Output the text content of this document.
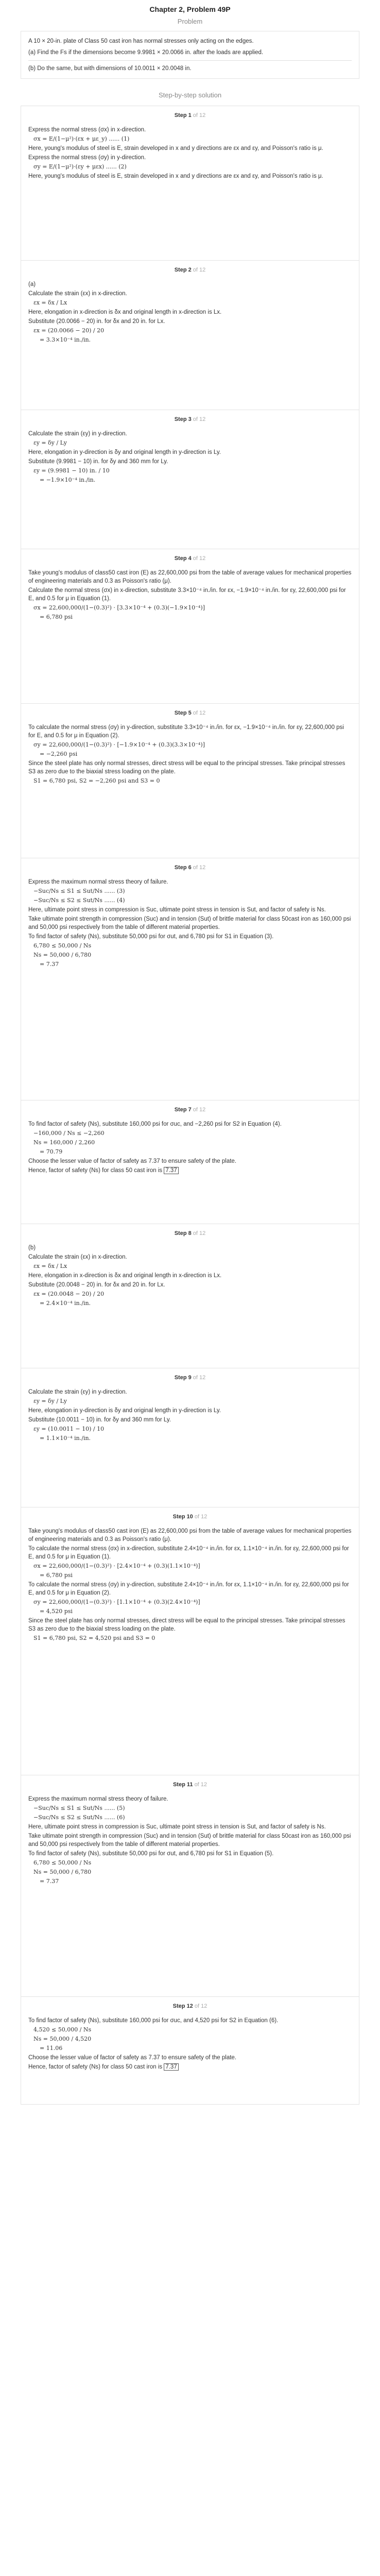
Chapter 2, Problem 49P
Problem
A 10 × 20-in. plate of Class 50 cast iron has normal stresses only acting on the edges.
(a) Find the Fs if the dimensions become 9.9981 × 20.0066 in. after the loads are applied.
(b) Do the same, but with dimensions of 10.0011 × 20.0048 in.
Step-by-step solution
Step 1 of 12
Express the normal stress (σx) in x-direction.
σx = E/(1−μ²)·(εx + με_y) ...... (1)
Here, young's modulus of steel is E, strain developed in x and y directions are εx and εy, and Poisson's ratio is μ.
Express the normal stress (σy) in y-direction.
σy = E/(1−μ²)·(εy + μεx) ...... (2)
Here, young's modulus of steel is E, strain developed in x and y directions are εx and εy, and Poisson's ratio is μ.
Step 2 of 12
(a)
Calculate the strain (εx) in x-direction.
εx = δx / Lx
Here, elongation in x-direction is δx and original length in x-direction is Lx.
Substitute (20.0066 − 20) in. for δx and 20 in. for Lx.
εx = (20.0066 − 20) / 20
= 3.3×10⁻⁴ in./in.
Step 3 of 12
Calculate the strain (εy) in y-direction.
εy = δy / Ly
Here, elongation in y-direction is δy and original length in y-direction is Ly.
Substitute (9.9981 − 10) in. for δy and 360 mm for Ly.
εy = (9.9981 − 10) in. / 10
= −1.9×10⁻⁴ in./in.
Step 4 of 12
Take young's modulus of class50 cast iron (E) as 22,600,000 psi from the table of average values for mechanical properties of engineering materials and 0.3 as Poisson's ratio (μ).
Calculate the normal stress (σx) in x-direction, substitute 3.3×10⁻⁴ in./in. for εx, −1.9×10⁻⁴ in./in. for εy, 22,600,000 psi for E, and 0.5 for μ in Equation (1).
σx = 22,600,000/(1−(0.3)²) · [3.3×10⁻⁴ + (0.3)(−1.9×10⁻⁴)]
= 6,780 psi
Step 5 of 12
To calculate the normal stress (σy) in y-direction, substitute 3.3×10⁻⁴ in./in. for εx, −1.9×10⁻⁴ in./in. for εy, 22,600,000 psi for E, and 0.5 for μ in Equation (2).
σy = 22,600,000/(1−(0.3)²) · [−1.9×10⁻⁴ + (0.3)(3.3×10⁻⁴)]
= −2,260 psi
Since the steel plate has only normal stresses, direct stress will be equal to the principal stresses. Take principal stresses S3 as zero due to the biaxial stress loading on the plate.
S1 = 6,780 psi, S2 = −2,260 psi and S3 = 0
Step 6 of 12
Express the maximum normal stress theory of failure.
−Suc/Ns ≤ S1 ≤ Sut/Ns ...... (3)
−Suc/Ns ≤ S2 ≤ Sut/Ns ...... (4)
Here, ultimate point stress in compression is Suc, ultimate point stress in tension is Sut, and factor of safety is Ns.
Take ultimate point strength in compression (Suc) and in tension (Sut) of brittle material for class 50cast iron as 160,000 psi and 50,000 psi respectively from the table of different material properties.
To find factor of safety (Ns), substitute 50,000 psi for σut, and 6,780 psi for S1 in Equation (3).
6,780 ≤ 50,000 / Ns
Ns = 50,000 / 6,780
= 7.37
Step 7 of 12
To find factor of safety (Ns), substitute 160,000 psi for σuc, and −2,260 psi for S2 in Equation (4).
−160,000 / Ns ≤ −2,260
Ns = 160,000 / 2,260
= 70.79
Choose the lesser value of factor of safety as 7.37 to ensure safety of the plate.
Hence, factor of safety (Ns) for class 50 cast iron is 7.37
Step 8 of 12
(b)
Calculate the strain (εx) in x-direction.
εx = δx / Lx
Here, elongation in x-direction is δx and original length in x-direction is Lx.
Substitute (20.0048 − 20) in. for δx and 20 in. for Lx.
εx = (20.0048 − 20) / 20
= 2.4×10⁻⁴ in./in.
Step 9 of 12
Calculate the strain (εy) in y-direction.
εy = δy / Ly
Here, elongation in y-direction is δy and original length in y-direction is Ly.
Substitute (10.0011 − 10) in. for δy and 360 mm for Ly.
εy = (10.0011 − 10) / 10
= 1.1×10⁻⁴ in./in.
Step 10 of 12
Take young's modulus of class50 cast iron (E) as 22,600,000 psi from the table of average values for mechanical properties of engineering materials and 0.3 as Poisson's ratio (μ).
To calculate the normal stress (σx) in x-direction, substitute 2.4×10⁻⁴ in./in. for εx, 1.1×10⁻⁴ in./in. for εy, 22,600,000 psi for E, and 0.5 for μ in Equation (1).
σx = 22,600,000/(1−(0.3)²) · [2.4×10⁻⁴ + (0.3)(1.1×10⁻⁴)]
= 6,780 psi
To calculate the normal stress (σy) in y-direction, substitute 2.4×10⁻⁴ in./in. for εx, 1.1×10⁻⁴ in./in. for εy, 22,600,000 psi for E, and 0.5 for μ in Equation (2).
σy = 22,600,000/(1−(0.3)²) · [1.1×10⁻⁴ + (0.3)(2.4×10⁻⁴)]
= 4,520 psi
Since the steel plate has only normal stresses, direct stress will be equal to the principal stresses. Take principal stresses S3 as zero due to the biaxial stress loading on the plate.
S1 = 6,780 psi, S2 = 4,520 psi and S3 = 0
Step 11 of 12
Express the maximum normal stress theory of failure.
−Suc/Ns ≤ S1 ≤ Sut/Ns ...... (5)
−Suc/Ns ≤ S2 ≤ Sut/Ns ...... (6)
Here, ultimate point stress in compression is Suc, ultimate point stress in tension is Sut, and factor of safety is Ns.
Take ultimate point strength in compression (Suc) and in tension (Sut) of brittle material for class 50cast iron as 160,000 psi and 50,000 psi respectively from the table of different material properties.
To find factor of safety (Ns), substitute 50,000 psi for σut, and 6,780 psi for S1 in Equation (5).
6,780 ≤ 50,000 / Ns
Ns = 50,000 / 6,780
= 7.37
Step 12 of 12
To find factor of safety (Ns), substitute 160,000 psi for σuc, and 4,520 psi for S2 in Equation (6).
4,520 ≤ 50,000 / Ns
Ns = 50,000 / 4,520
= 11.06
Choose the lesser value of factor of safety as 7.37 to ensure safety of the plate.
Hence, factor of safety (Ns) for class 50 cast iron is 7.37
